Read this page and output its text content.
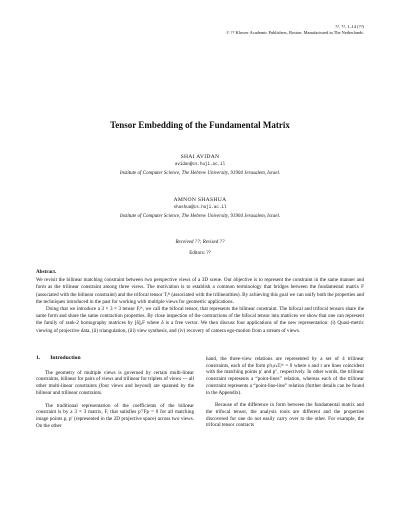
??, ??, 1–14 (??)
© ?? Kluwer Academic Publishers, Boston. Manufactured in The Netherlands.
Tensor Embedding of the Fundamental Matrix
SHAI AVIDAN
avidan@cs.huji.ac.il
Institute of Computer Science, The Hebrew University, 91904 Jerusalem, Israel.
AMNON SHASHUA
shashua@cs.huji.ac.il
Institute of Computer Science, The Hebrew University, 91904 Jerusalem, Israel.
Received ??; Revised ??
Editors: ??

Abstract.

We revisit the bilinear matching constraint between two perspective views of a 3D scene. Our objective is to represent the constraint in the same manner and form as the trilinear constraint among three views. The motivation is to establish a common terminology that bridges between the fundamental matrix F (associated with the bilinear constraint) and the trifocal tensor Tᵢʲᵏ (associated with the trilinearities). By achieving this goal we can unify both the properties and the techniques introduced in the past for working with multiple views for geometric applications.

Doing that we introduce a 3 × 3 × 3 tensor Fᵢʲᵏ, we call the bifocal tensor, that represents the bilinear constraint. The bifocal and trifocal tensors share the same form and share the same contraction properties. By close inspection of the contractions of the bifocal tensor into matrices we show that one can represent the family of rank-2 homography matrices by [δ]ₓF where δ is a free vector. We then discuss four applications of the new representation: (i) Quasi-metric viewing of projective data, (ii) triangulation, (iii) view synthesis, and (iv) recovery of camera ego-motion from a stream of views.

1. Introduction

The geometry of multiple views is governed by certain multi-linear constraints, bilinear for pairs of views and trilinear for triplets of views — all other multi-linear constraints (four views and beyond) are spanned by the bilinear and trilinear constraints.

The traditional representation of the coefficients of the bilinear constraint is by a 3 × 3 matrix, F, that satisfies p′ᵀFp = 0 for all matching image points p, p′ (represented in the 2D projective space) across two views. On the other

hand, the three-view relations are represented by a set of 4 trilinear constraints, each of the form pⁱsⱼrₖTᵢʲᵏ = 0 where s and r are lines coincident with the matching points p′ and p″, respectively. In other words, the trilinear constraint represents a “point-lines” relation, whereas each of the trilinear constraint represents a “point-line-line” relation (further details can be found in the Appendix).

Because of the difference in form between the fundamental matrix and the trifocal tensor, the analysis tools are different and the properties discovered for one do not easily carry over to the other. For example, the trifocal tensor contracts
